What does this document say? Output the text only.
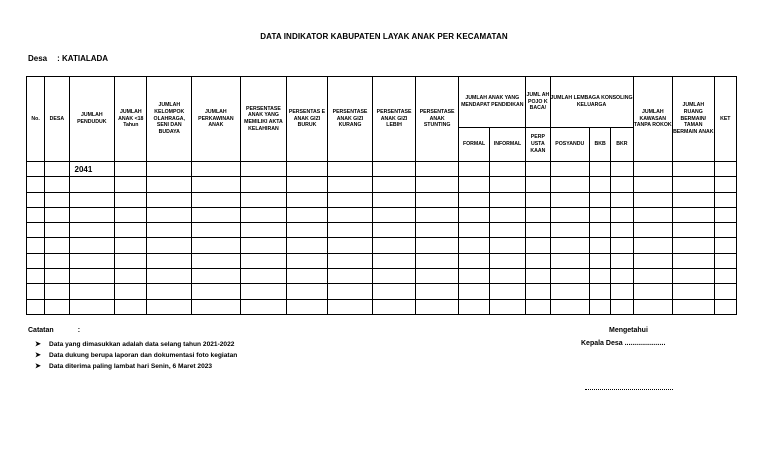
DATA INDIKATOR KABUPATEN LAYAK ANAK PER KECAMATAN
Desa : KATIALADA
No.	DESA	JUMLAH PENDUDUK	JUMLAH ANAK <18 Tahun	JUMLAH KELOMPOK OLAHRAGA, SENI DAN BUDAYA	JUMLAH PERKAWINAN ANAK	PERSENTASE ANAK YANG MEMILIKI AKTA KELAHIRAN	PERSENTAS E ANAK GIZI BURUK	PERSENTASE ANAK GIZI KURANG	PERSENTASE ANAK GIZI LEBIH	PERSENTASE ANAK STUNTING	JUMLAH ANAK YANG MENDAPAT PENDIDIKAN		JUML AH POJO K BACA/	JUMLAH LEMBAGA KONSOLING KELUARGA			JUMLAH KAWASAN TANPA ROKOK	JUMLAH RUANG BERMAIN/ TAMAN BERMAIN ANAK	KET
											FORMAL	INFORMAL	PERP USTA KAAN	POSYANDU	BKB	BKR			
		2041																	

Catatan	:
➤ Data yang dimasukkan adalah data selang tahun 2021-2022
➤ Data dukung berupa laporan dan dokumentasi foto kegiatan
➤ Data diterima paling lambat hari Senin, 6 Maret 2023
Mengetahui
Kepala Desa .....................
